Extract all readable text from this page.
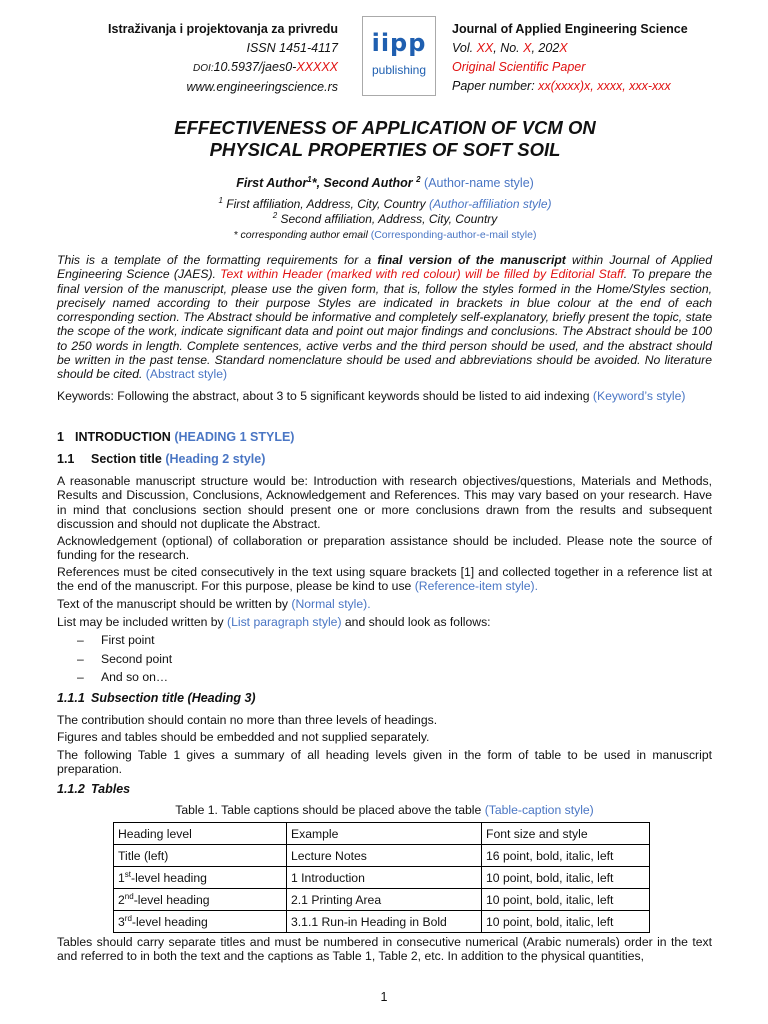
Istraživanja i projektovanja za privredu
ISSN 1451-4117
DOI:10.5937/jaes0-XXXXX
www.engineeringscience.rs
iipp
publishing
Journal of Applied Engineering Science
Vol. XX, No. X, 202X
Original Scientific Paper
Paper number: xx(xxxx)x, xxxx, xxx-xxx
EFFECTIVENESS OF APPLICATION OF VCM ON
PHYSICAL PROPERTIES OF SOFT SOIL
First Author$^1$*, Second Author $^2$ (Author-name style)
$^1$ First affiliation, Address, City, Country (Author-affiliation style)
$^2$ Second affiliation, Address, City, Country
* corresponding author email (Corresponding-author-e-mail style)
This is a template of the formatting requirements for a final version of the manuscript within Journal of Applied Engineering Science (JAES). Text within Header (marked with red colour) will be filled by Editorial Staff. To prepare the final version of the manuscript, please use the given form, that is, follow the styles formed in the Home/Styles section, precisely named according to their purpose Styles are indicated in brackets in blue colour at the end of each corresponding section. The Abstract should be informative and completely self-explanatory, briefly present the topic, state the scope of the work, indicate significant data and point out major findings and conclusions. The Abstract should be 100 to 250 words in length. Complete sentences, active verbs and the third person should be used, and the abstract should be written in the past tense. Standard nomenclature should be used and abbreviations should be avoided. No literature should be cited. (Abstract style)
Keywords: Following the abstract, about 3 to 5 significant keywords should be listed to aid indexing (Keyword’s style)
1 INTRODUCTION (HEADING 1 STYLE)
1.1 Section title (Heading 2 style)
A reasonable manuscript structure would be: Introduction with research objectives/questions, Materials and Methods, Results and Discussion, Conclusions, Acknowledgement and References. This may vary based on your research. Have in mind that conclusions section should present one or more conclusions drawn from the results and subsequent discussion and should not duplicate the Abstract.
Acknowledgement (optional) of collaboration or preparation assistance should be included. Please note the source of funding for the research.
References must be cited consecutively in the text using square brackets [1] and collected together in a reference list at the end of the manuscript. For this purpose, please be kind to use (Reference-item style).
Text of the manuscript should be written by (Normal style).
List may be included written by (List paragraph style) and should look as follows:
– First point
– Second point
– And so on…
1.1.1 Subsection title (Heading 3)
The contribution should contain no more than three levels of headings.
Figures and tables should be embedded and not supplied separately.
The following Table 1 gives a summary of all heading levels given in the form of table to be used in manuscript preparation.
1.1.2 Tables
Table 1. Table captions should be placed above the table (Table-caption style)
Heading level	Example	Font size and style
Title (left)	Lecture Notes	16 point, bold, italic, left
1st-level heading	1 Introduction	10 point, bold, italic, left
2nd-level heading	2.1 Printing Area	10 point, bold, italic, left
3rd-level heading	3.1.1 Run-in Heading in Bold	10 point, bold, italic, left
Tables should carry separate titles and must be numbered in consecutive numerical (Arabic numerals) order in the text and referred to in both the text and the captions as Table 1, Table 2, etc. In addition to the physical quantities,
1
